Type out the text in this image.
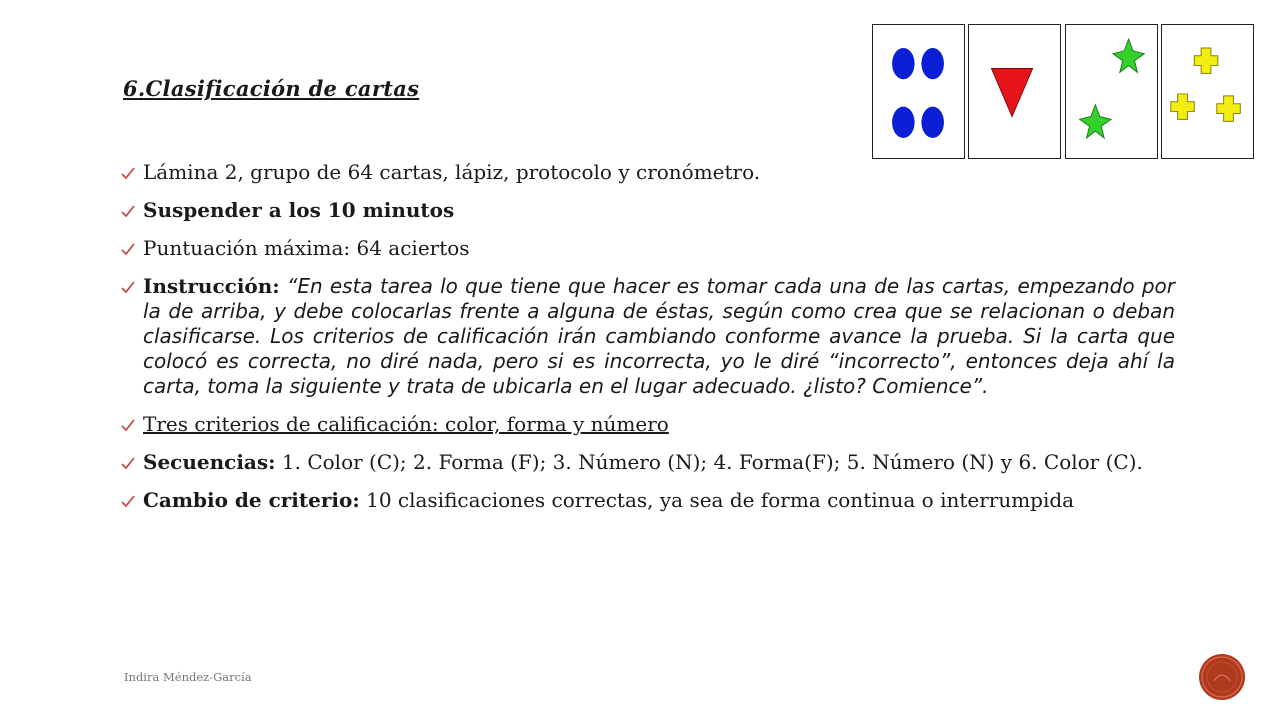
6.Clasificación de cartas
Lámina 2, grupo de 64 cartas, lápiz, protocolo y cronómetro.
Suspender a los 10 minutos
Puntuación máxima: 64 aciertos
Instrucción: “En esta tarea lo que tiene que hacer es tomar cada una de las cartas, empezando por la de arriba, y debe colocarlas frente a alguna de éstas, según como crea que se relacionan o deban clasificarse. Los criterios de calificación irán cambiando conforme avance la prueba. Si la carta que colocó es correcta, no diré nada, pero si es incorrecta, yo le diré “incorrecto”, entonces deja ahí la carta, toma la siguiente y trata de ubicarla en el lugar adecuado. ¿listo? Comience”.
Tres criterios de calificación: color, forma y número
Secuencias: 1. Color (C); 2. Forma (F); 3. Número (N); 4. Forma(F); 5. Número (N) y 6. Color (C).
Cambio de criterio: 10 clasificaciones correctas, ya sea de forma continua o interrumpida
Indira Méndez-García
